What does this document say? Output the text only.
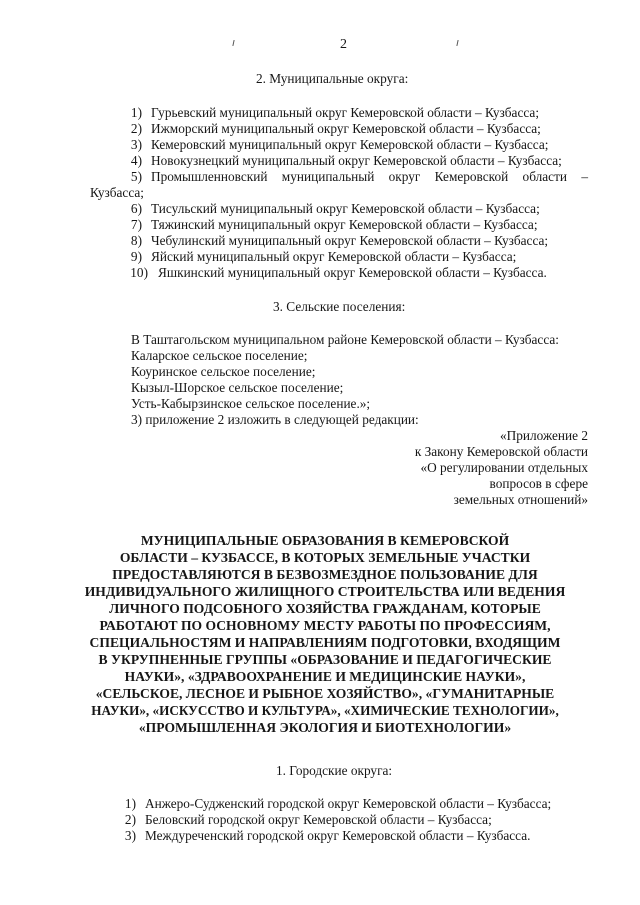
2
2. Муниципальные округа:
1) Гурьевский муниципальный округ Кемеровской области – Кузбасса;
2) Ижморский муниципальный округ Кемеровской области – Кузбасса;
3) Кемеровский муниципальный округ Кемеровской области – Кузбасса;
4) Новокузнецкий муниципальный округ Кемеровской области – Кузбасса;
5) Промышленновский муниципальный округ Кемеровской области –
Кузбасса;
6) Тисульский муниципальный округ Кемеровской области – Кузбасса;
7) Тяжинский муниципальный округ Кемеровской области – Кузбасса;
8) Чебулинский муниципальный округ Кемеровской области – Кузбасса;
9) Яйский муниципальный округ Кемеровской области – Кузбасса;
10) Яшкинский муниципальный округ Кемеровской области – Кузбасса.
3. Сельские поселения:
В Таштагольском муниципальном районе Кемеровской области – Кузбасса:
Каларское сельское поселение;
Коуринское сельское поселение;
Кызыл-Шорское сельское поселение;
Усть-Кабырзинское сельское поселение.»;
3) приложение 2 изложить в следующей редакции:
«Приложение 2
к Закону Кемеровской области
«О регулировании отдельных
вопросов в сфере
земельных отношений»
МУНИЦИПАЛЬНЫЕ ОБРАЗОВАНИЯ В КЕМЕРОВСКОЙ
ОБЛАСТИ – КУЗБАССЕ, В КОТОРЫХ ЗЕМЕЛЬНЫЕ УЧАСТКИ
ПРЕДОСТАВЛЯЮТСЯ В БЕЗВОЗМЕЗДНОЕ ПОЛЬЗОВАНИЕ ДЛЯ
ИНДИВИДУАЛЬНОГО ЖИЛИЩНОГО СТРОИТЕЛЬСТВА ИЛИ ВЕДЕНИЯ
ЛИЧНОГО ПОДСОБНОГО ХОЗЯЙСТВА ГРАЖДАНАМ, КОТОРЫЕ
РАБОТАЮТ ПО ОСНОВНОМУ МЕСТУ РАБОТЫ ПО ПРОФЕССИЯМ,
СПЕЦИАЛЬНОСТЯМ И НАПРАВЛЕНИЯМ ПОДГОТОВКИ, ВХОДЯЩИМ
В УКРУПНЕННЫЕ ГРУППЫ «ОБРАЗОВАНИЕ И ПЕДАГОГИЧЕСКИЕ
НАУКИ», «ЗДРАВООХРАНЕНИЕ И МЕДИЦИНСКИЕ НАУКИ»,
«СЕЛЬСКОЕ, ЛЕСНОЕ И РЫБНОЕ ХОЗЯЙСТВО», «ГУМАНИТАРНЫЕ
НАУКИ», «ИСКУССТВО И КУЛЬТУРА», «ХИМИЧЕСКИЕ ТЕХНОЛОГИИ»,
«ПРОМЫШЛЕННАЯ ЭКОЛОГИЯ И БИОТЕХНОЛОГИИ»
1. Городские округа:
1) Анжеро-Судженский городской округ Кемеровской области – Кузбасса;
2) Беловский городской округ Кемеровской области – Кузбасса;
3) Междуреченский городской округ Кемеровской области – Кузбасса.
